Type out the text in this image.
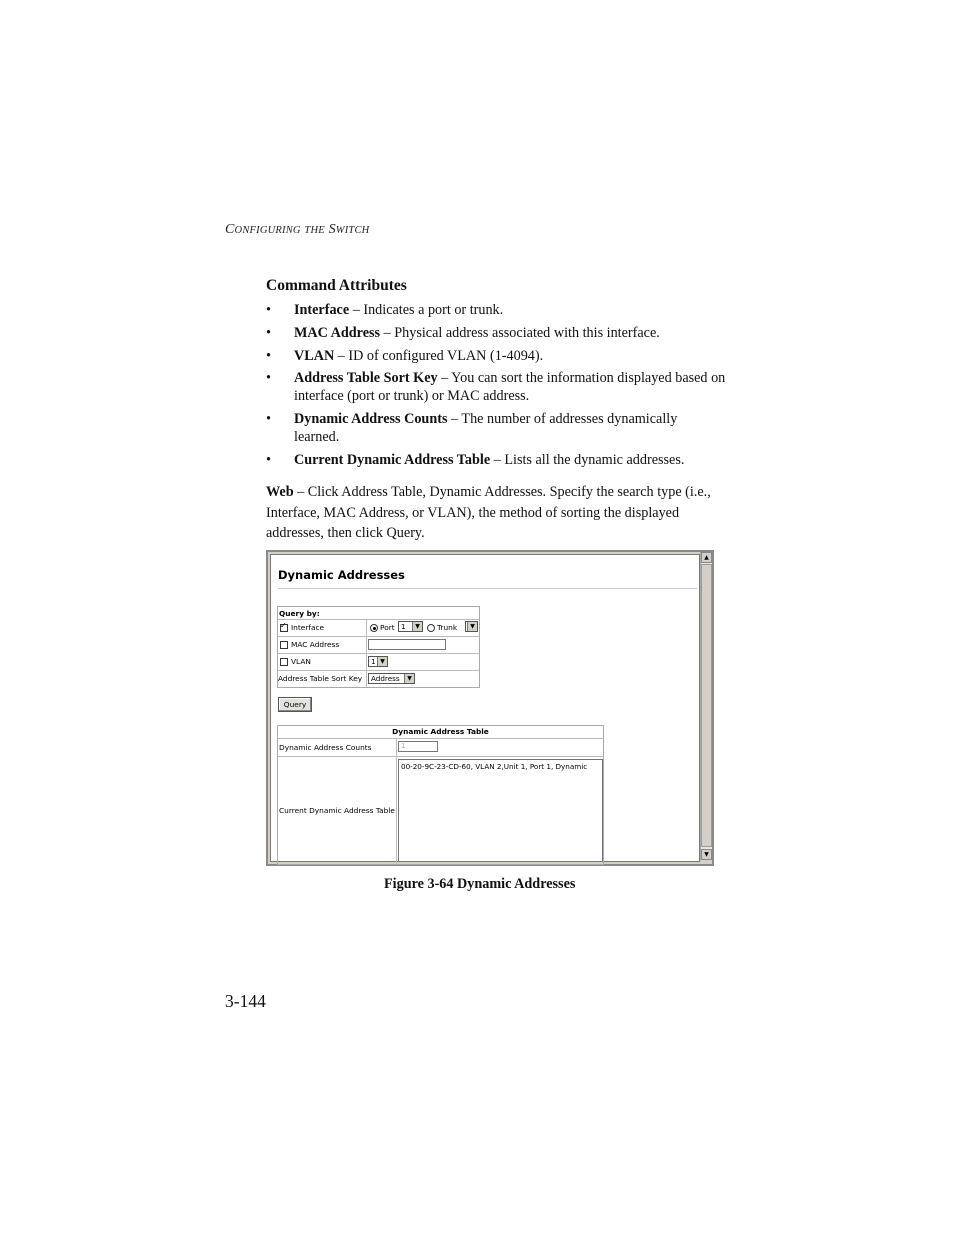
CONFIGURING THE SWITCH
Command Attributes
• Interface – Indicates a port or trunk.
• MAC Address – Physical address associated with this interface.
• VLAN – ID of configured VLAN (1-4094).
• Address Table Sort Key – You can sort the information displayed based on interface (port or trunk) or MAC address.
• Dynamic Address Counts – The number of addresses dynamically learned.
• Current Dynamic Address Table – Lists all the dynamic addresses.
Web – Click Address Table, Dynamic Addresses. Specify the search type (i.e., Interface, MAC Address, or VLAN), the method of sorting the displayed addresses, then click Query.
Dynamic Addresses
Query by:
✓Interface	Port 1	▼	Trunk	▼
MAC Address
VLAN	1 ▼
Address Table Sort Key	Address	▼
Query
Dynamic Address Table
Dynamic Address Counts	1
Current Dynamic Address Table
00-20-9C-23-CD-60, VLAN 2,Unit 1, Port 1, Dynamic
▲
▼
Figure 3-64 Dynamic Addresses
3-144
